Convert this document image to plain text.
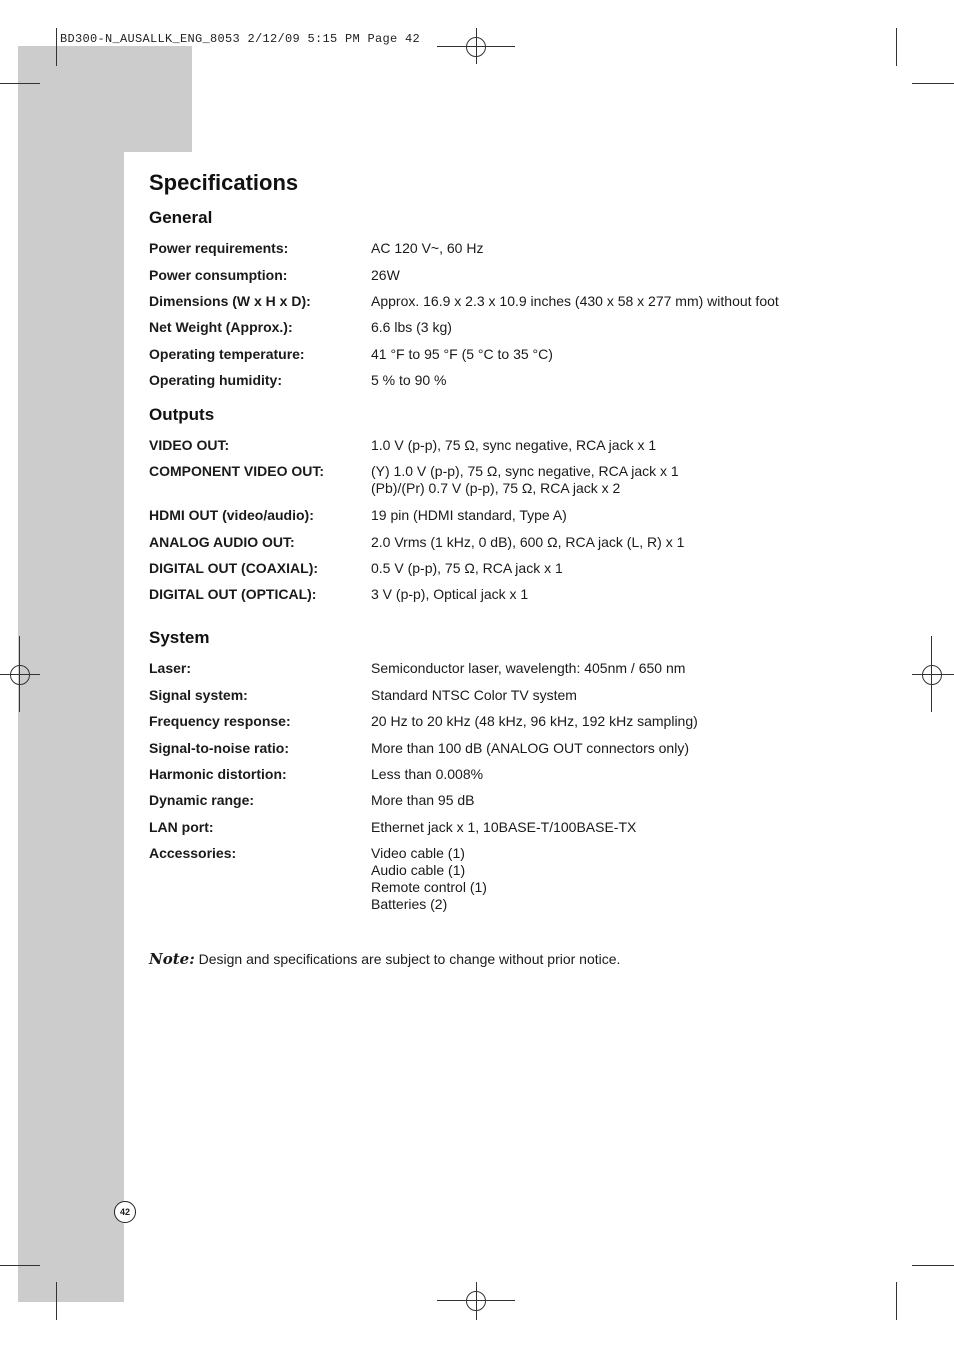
BD300-N_AUSALLK_ENG_8053 2/12/09 5:15 PM Page 42
Specifications
General
Power requirements:	AC 120 V~, 60 Hz
Power consumption:	26W
Dimensions (W x H x D):	Approx. 16.9 x 2.3 x 10.9 inches (430 x 58 x 277 mm) without foot
Net Weight (Approx.):	6.6 lbs (3 kg)
Operating temperature:	41 °F to 95 °F (5 °C to 35 °C)
Operating humidity:	5 % to 90 %
Outputs
VIDEO OUT:	1.0 V (p-p), 75 Ω, sync negative, RCA jack x 1
COMPONENT VIDEO OUT:	(Y) 1.0 V (p-p), 75 Ω, sync negative, RCA jack x 1
(Pb)/(Pr) 0.7 V (p-p), 75 Ω, RCA jack x 2
HDMI OUT (video/audio):	19 pin (HDMI standard, Type A)
ANALOG AUDIO OUT:	2.0 Vrms (1 kHz, 0 dB), 600 Ω, RCA jack (L, R) x 1
DIGITAL OUT (COAXIAL):	0.5 V (p-p), 75 Ω, RCA jack x 1
DIGITAL OUT (OPTICAL):	3 V (p-p), Optical jack x 1
System
Laser:	Semiconductor laser, wavelength: 405nm / 650 nm
Signal system:	Standard NTSC Color TV system
Frequency response:	20 Hz to 20 kHz (48 kHz, 96 kHz, 192 kHz sampling)
Signal-to-noise ratio:	More than 100 dB (ANALOG OUT connectors only)
Harmonic distortion:	Less than 0.008%
Dynamic range:	More than 95 dB
LAN port:	Ethernet jack x 1, 10BASE-T/100BASE-TX
Accessories:	Video cable (1)
Audio cable (1)
Remote control (1)
Batteries (2)
Note: Design and specifications are subject to change without prior notice.
42
